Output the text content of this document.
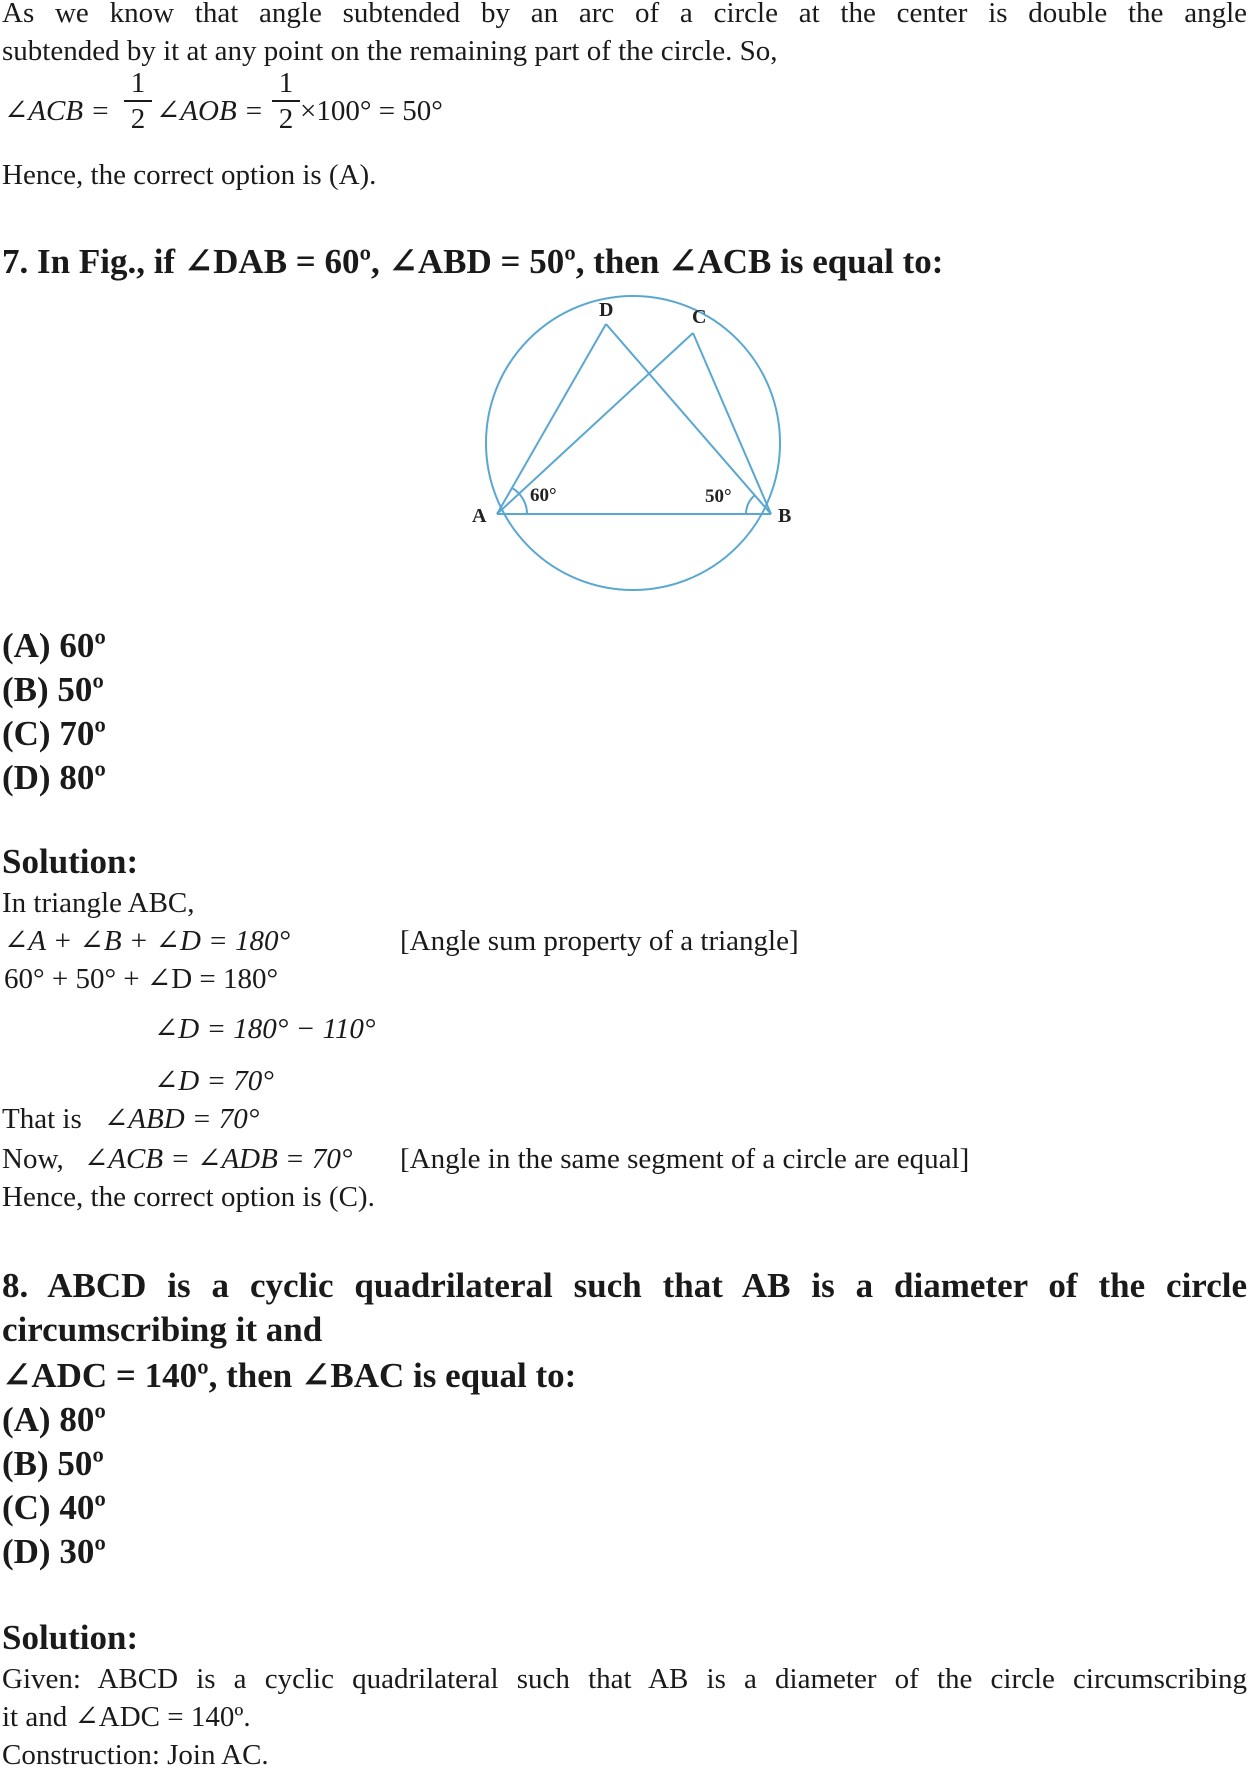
As we know that angle subtended by an arc of a circle at the center is double the angle
subtended by it at any point on the remaining part of the circle. So,
∠ACB =
1
2 ∠AOB =
1
2 ×100° = 50°
Hence, the correct option is (A).
7. In Fig., if ∠DAB = 60º, ∠ABD = 50º, then ∠ACB is equal to:
D	C
A	B
60°	50°
(A) 60º
(B) 50º
(C) 70º
(D) 80º
Solution:
In triangle ABC,
∠A + ∠B + ∠D = 180°	[Angle sum property of a triangle]
60° + 50° + ∠D = 180°
∠D = 180° − 110°
∠D = 70°
That is ∠ABD = 70°
Now, ∠ACB = ∠ADB = 70° [Angle in the same segment of a circle are equal]
Hence, the correct option is (C).
8. ABCD is a cyclic quadrilateral such that AB is a diameter of the circle
circumscribing it and
∠ADC = 140º, then ∠BAC is equal to:
(A) 80º
(B) 50º
(C) 40º
(D) 30º
Solution:
Given: ABCD is a cyclic quadrilateral such that AB is a diameter of the circle circumscribing
it and ∠ADC = 140º.
Construction: Join AC.
